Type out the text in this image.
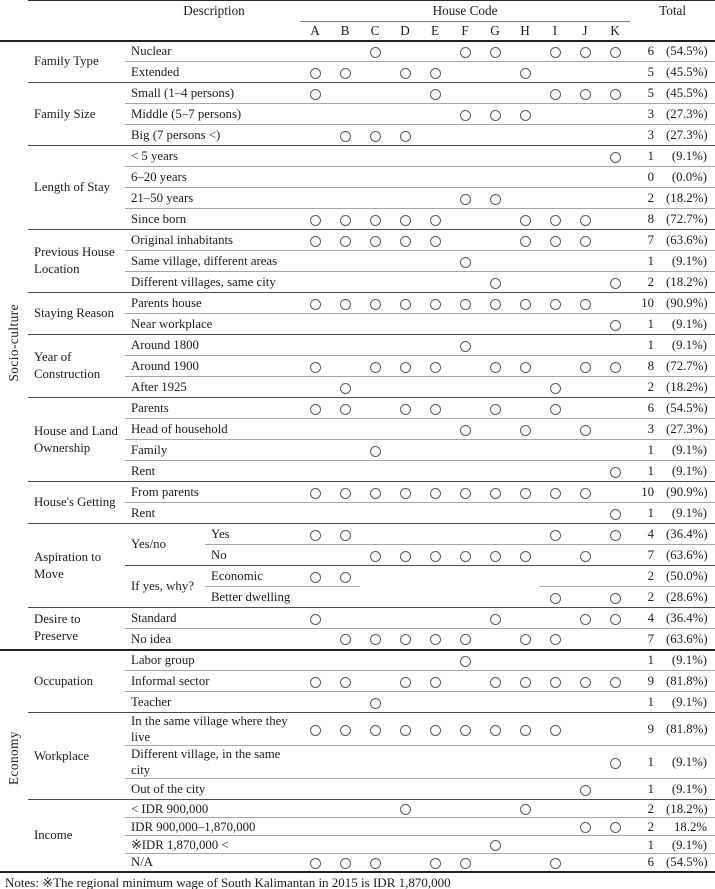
	Description			House Code											Total	
				A	B	C	D	E	F	G	H	I	J	K		
Socio-culture	Family Type	Nuclear													6	(54.5%)
		Extended													5	(45.5%)
	Family Size	Small (1–4 persons)													5	(45.5%)
		Middle (5–7 persons)													3	(27.3%)
		Big (7 persons <)													3	(27.3%)
	Length of Stay	< 5 years													1	(9.1%)
		6–20 years													0	(0.0%)
		21–50 years													2	(18.2%)
		Since born													8	(72.7%)
	Previous House Location	Original inhabitants													7	(63.6%)
		Same village, different areas													1	(9.1%)
		Different villages, same city													2	(18.2%)
	Staying Reason	Parents house													10	(90.9%)
		Near workplace													1	(9.1%)
	Year of Construction	Around 1800													1	(9.1%)
		Around 1900													8	(72.7%)
		After 1925													2	(18.2%)
	House and Land Ownership	Parents													6	(54.5%)
		Head of household													3	(27.3%)
		Family													1	(9.1%)
		Rent													1	(9.1%)
	House's Getting	From parents													10	(90.9%)
		Rent													1	(9.1%)
	Aspiration to Move	Yes/no	Yes												4	(36.4%)
			No												7	(63.6%)
		If yes, why?	Economic												2	(50.0%)
			Better dwelling												2	(28.6%)
	Desire to Preserve	Standard													4	(36.4%)
		No idea													7	(63.6%)
Economy	Occupation	Labor group													1	(9.1%)
		Informal sector													9	(81.8%)
		Teacher													1	(9.1%)
	Workplace	In the same village where they live													9	(81.8%)
		Different village, in the same city													1	(9.1%)
		Out of the city													1	(9.1%)
	Income	< IDR 900,000													2	(18.2%)
		IDR 900,000–1,870,000													2	18.2%
		※IDR 1,870,000 <													1	(9.1%)
		N/A													6	(54.5%)
Notes: ※The regional minimum wage of South Kalimantan in 2015 is IDR 1,870,000
